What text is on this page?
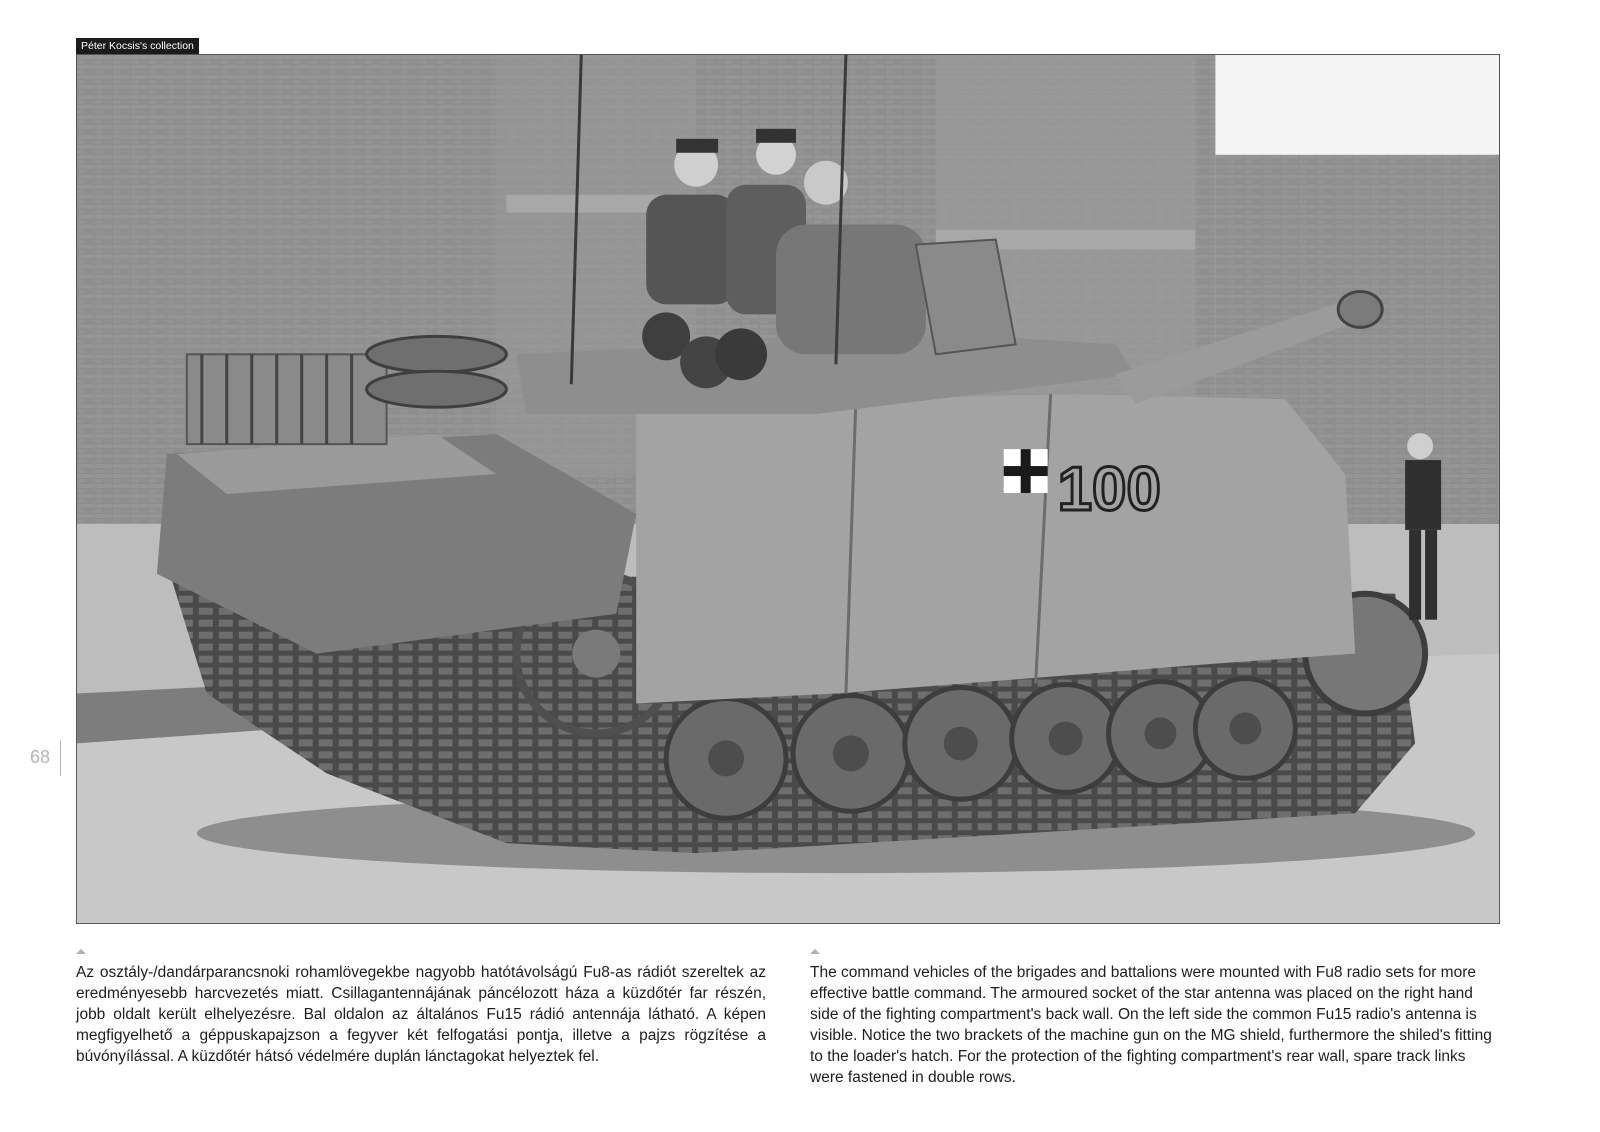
Péter Kocsis's collection
100
68

Az osztály-/dandárparancsnoki rohamlövegekbe nagyobb hatótávolságú Fu8-as rádiót szereltek az eredményesebb harcvezetés miatt. Csillagantennájának páncélozott háza a küzdőtér far részén, jobb oldalt került elhelyezésre. Bal oldalon az általános Fu15 rádió antennája látható. A képen megfigyelhető a géppuskapajzson a fegyver két felfogatási pontja, illetve a pajzs rögzítése a búvónyílással. A küzdőtér hátsó védelmére duplán lánctagokat helyeztek fel.

The command vehicles of the brigades and battalions were mounted with Fu8 radio sets for more effective battle command. The armoured socket of the star antenna was placed on the right hand side of the fighting compartment's back wall. On the left side the common Fu15 radio's antenna is visible. Notice the two brackets of the machine gun on the MG shield, furthermore the shiled's fitting to the loader's hatch. For the protection of the fighting compartment's rear wall, spare track links were fastened in double rows.
